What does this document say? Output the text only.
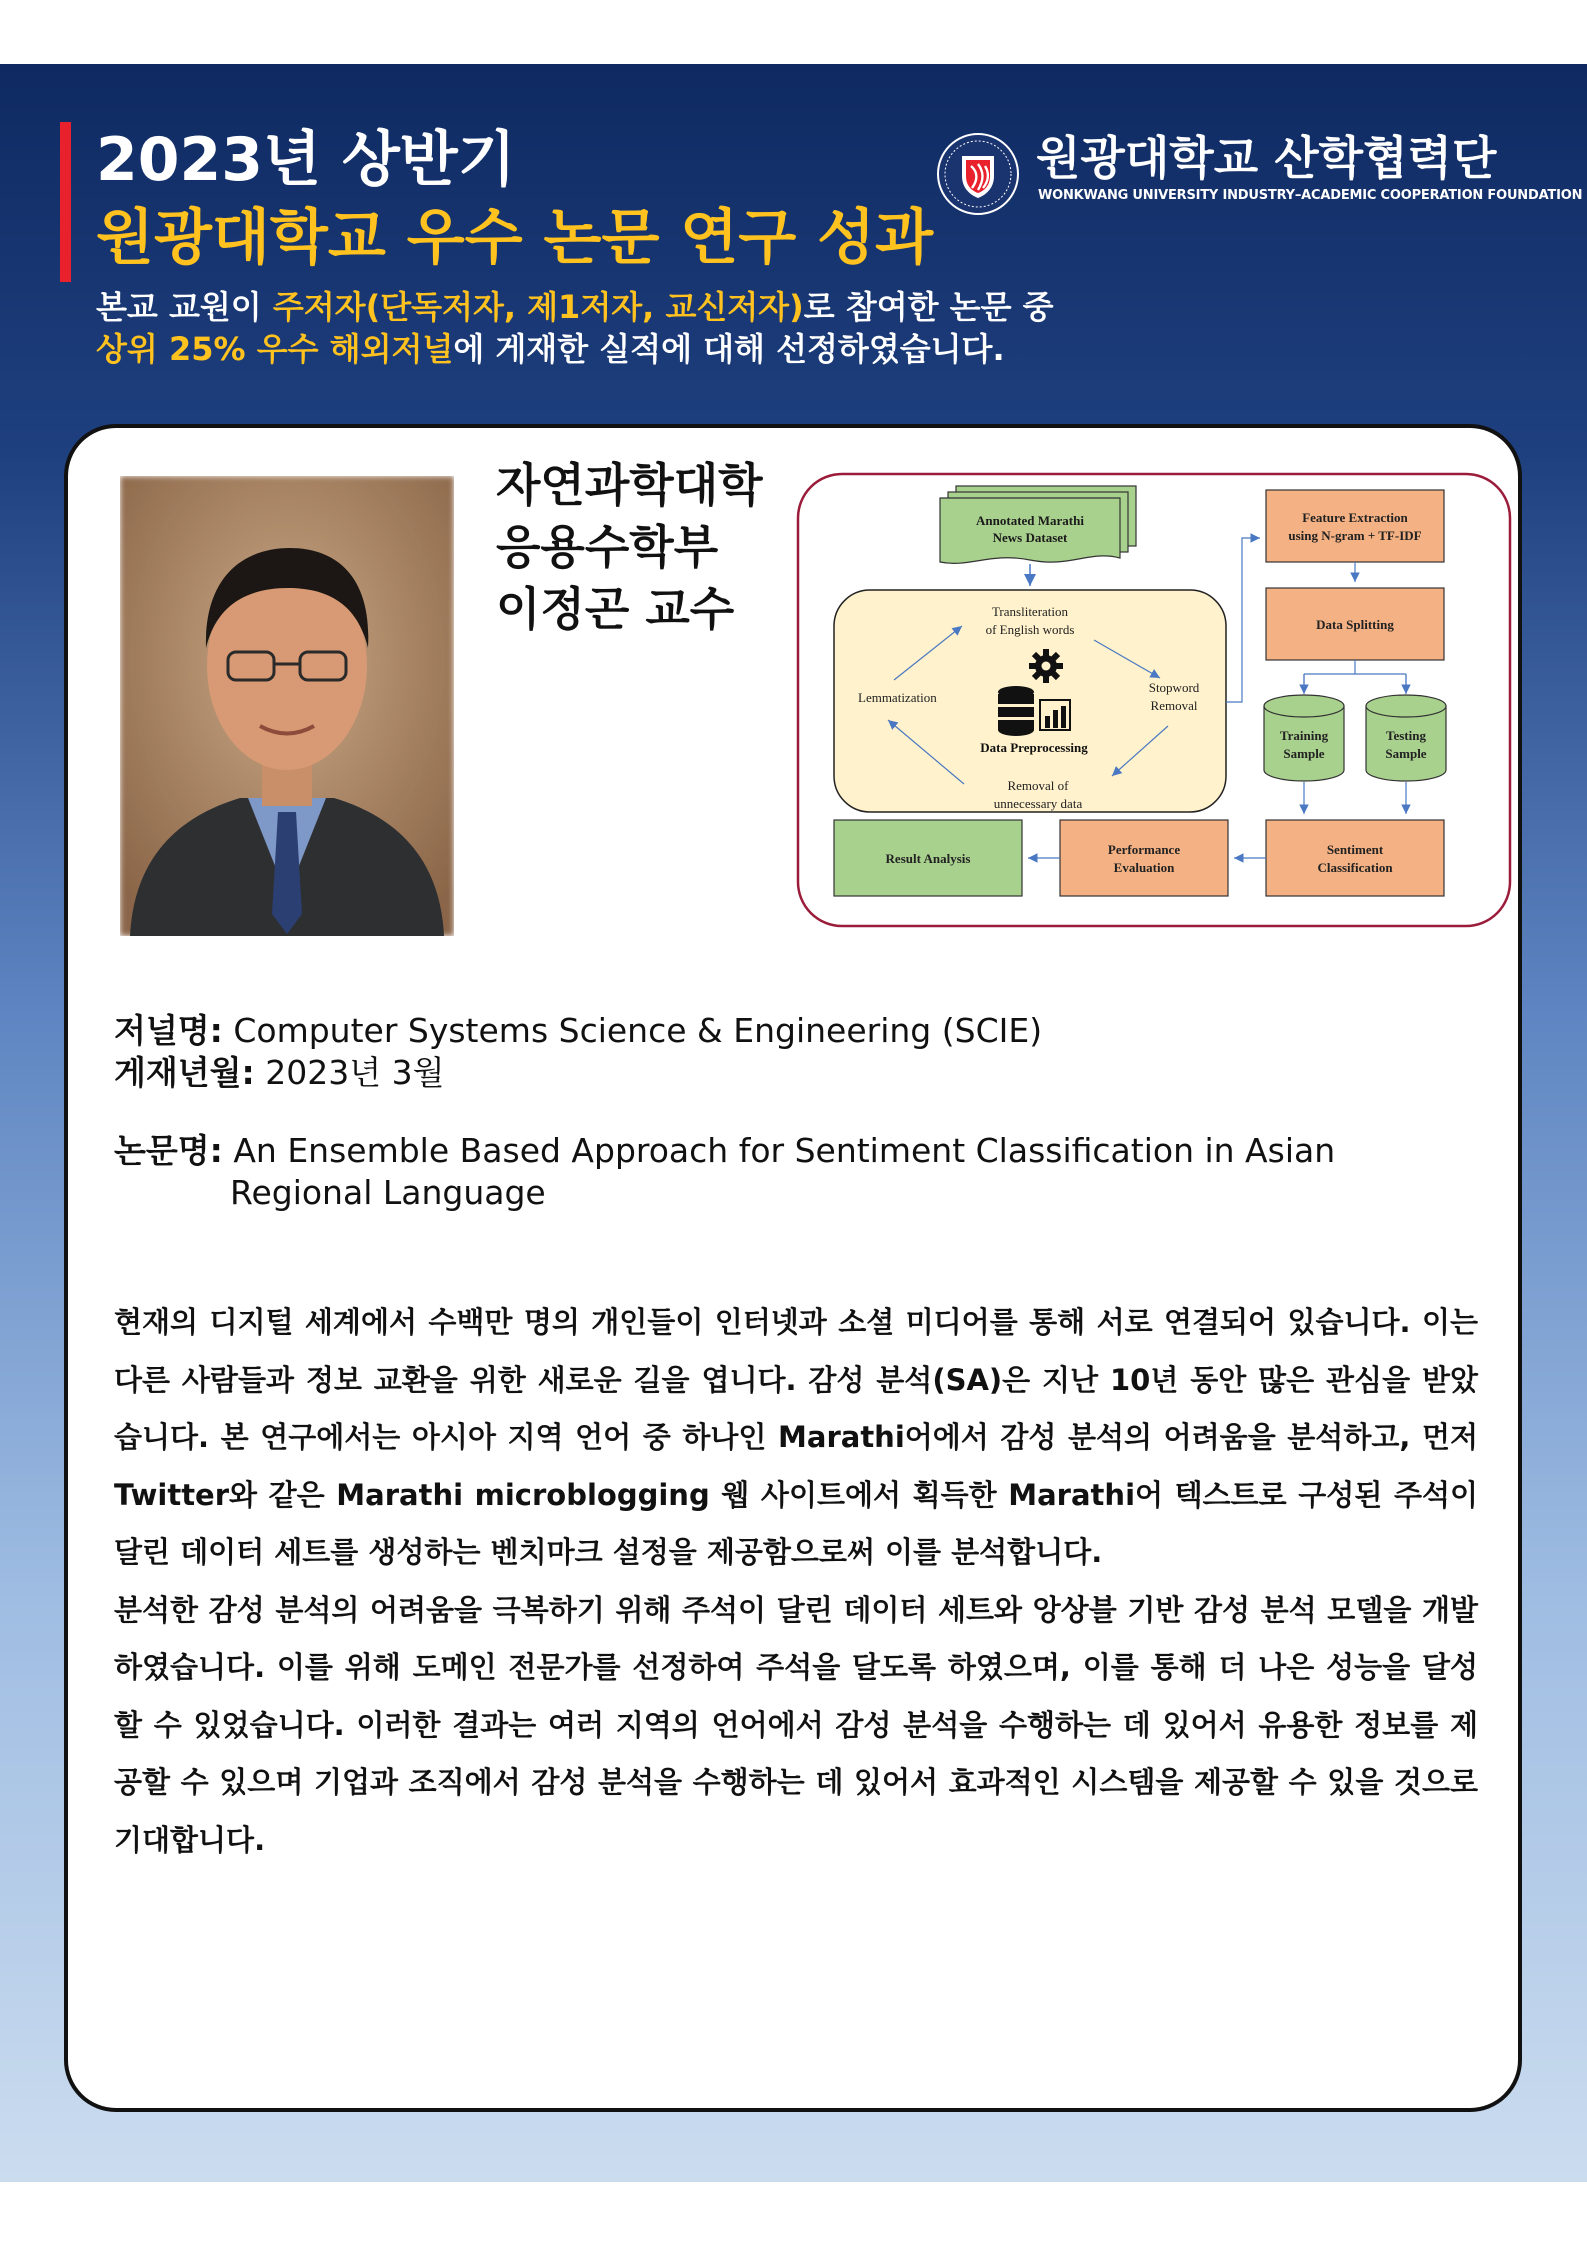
2023년 상반기
원광대학교 우수 논문 연구 성과
본교 교원이 주저자(단독저자, 제1저자, 교신저자)로 참여한 논문 중
상위 25% 우수 해외저널에 게재한 실적에 대해 선정하였습니다.
원광대학교 산학협력단
WONKWANG UNIVERSITY INDUSTRY–ACADEMIC COOPERATION FOUNDATION
자연과학대학
응용수학부
이정곤 교수
Annotated Marathi
News Dataset
Transliteration
of English words
Lemmatization
Stopword
Removal
Data Preprocessing
Removal of
unnecessary data
Feature Extraction
using N-gram + TF-IDF
Data Splitting
Training
Sample
Testing
Sample
Sentiment
Classification
Performance
Evaluation
Result Analysis
저널명: Computer Systems Science & Engineering (SCIE)
게재년월: 2023년 3월
논문명: An Ensemble Based Approach for Sentiment Classification in Asian
Regional Language

현재의 디지털 세계에서 수백만 명의 개인들이 인터넷과 소셜 미디어를 통해 서로 연결되어 있습니다. 이는 다른 사람들과 정보 교환을 위한 새로운 길을 엽니다. 감성 분석(SA)은 지난 10년 동안 많은 관심을 받았습니다. 본 연구에서는 아시아 지역 언어 중 하나인 Marathi어에서 감성 분석의 어려움을 분석하고, 먼저 Twitter와 같은 Marathi microblogging 웹 사이트에서 획득한 Marathi어 텍스트로 구성된 주석이 달린 데이터 세트를 생성하는 벤치마크 설정을 제공함으로써 이를 분석합니다.

분석한 감성 분석의 어려움을 극복하기 위해 주석이 달린 데이터 세트와 앙상블 기반 감성 분석 모델을 개발하였습니다. 이를 위해 도메인 전문가를 선정하여 주석을 달도록 하였으며, 이를 통해 더 나은 성능을 달성할 수 있었습니다. 이러한 결과는 여러 지역의 언어에서 감성 분석을 수행하는 데 있어서 유용한 정보를 제공할 수 있으며 기업과 조직에서 감성 분석을 수행하는 데 있어서 효과적인 시스템을 제공할 수 있을 것으로 기대합니다.
